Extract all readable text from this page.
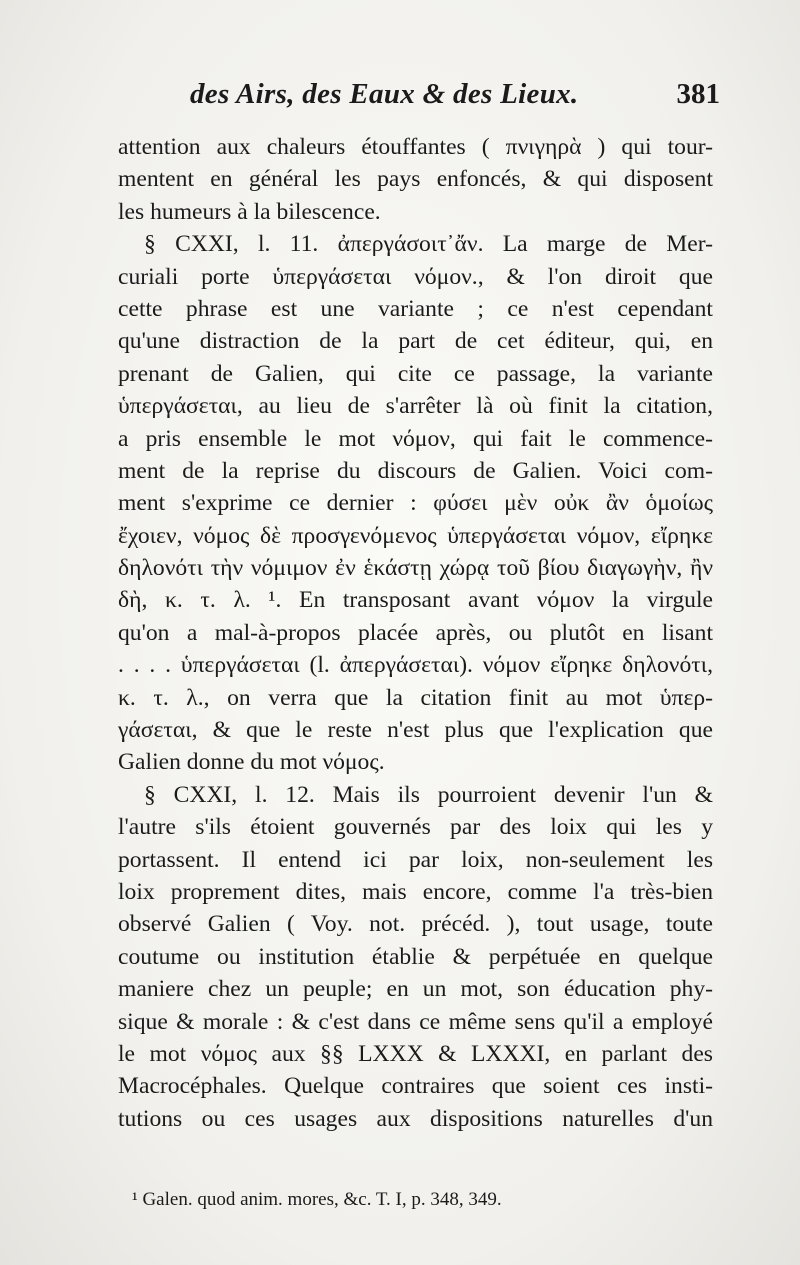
des Airs, des Eaux & des Lieux.	381
attention aux chaleurs étouffantes ( πνιγηρὰ ) qui tour-
mentent en général les pays enfoncés, & qui disposent
les humeurs à la bilescence.
§ CXXI, l. 11. ἀπεργάσοιτ᾽ἄν. La marge de Mer-
curiali porte ὑπεργάσεται νόμον., & l'on diroit que
cette phrase est une variante ; ce n'est cependant
qu'une distraction de la part de cet éditeur, qui, en
prenant de Galien, qui cite ce passage, la variante
ὑπεργάσεται, au lieu de s'arrêter là où finit la citation,
a pris ensemble le mot νόμον, qui fait le commence-
ment de la reprise du discours de Galien. Voici com-
ment s'exprime ce dernier : φύσει μὲν οὐκ ἂν ὁμοίως
ἔχοιεν, νόμος δὲ προσγενόμενος ὑπεργάσεται νόμον, εἴρηκε
δηλονότι τὴν νόμιμον ἐν ἑκάστῃ χώρᾳ τοῦ βίου διαγωγὴν, ἢν
δὴ, κ. τ. λ. ¹. En transposant avant νόμον la virgule
qu'on a mal-à-propos placée après, ou plutôt en lisant
. . . . ὑπεργάσεται (l. ἀπεργάσεται). νόμον εἴρηκε δηλονότι,
κ. τ. λ., on verra que la citation finit au mot ὑπερ-
γάσεται, & que le reste n'est plus que l'explication que
Galien donne du mot νόμος.
§ CXXI, l. 12. Mais ils pourroient devenir l'un &
l'autre s'ils étoient gouvernés par des loix qui les y
portassent. Il entend ici par loix, non-seulement les
loix proprement dites, mais encore, comme l'a très-bien
observé Galien ( Voy. not. précéd. ), tout usage, toute
coutume ou institution établie & perpétuée en quelque
maniere chez un peuple; en un mot, son éducation phy-
sique & morale : & c'est dans ce même sens qu'il a employé
le mot νόμος aux §§ LXXX & LXXXI, en parlant des
Macrocéphales. Quelque contraires que soient ces insti-
tutions ou ces usages aux dispositions naturelles d'un
¹ Galen. quod anim. mores, &c. T. I, p. 348, 349.
